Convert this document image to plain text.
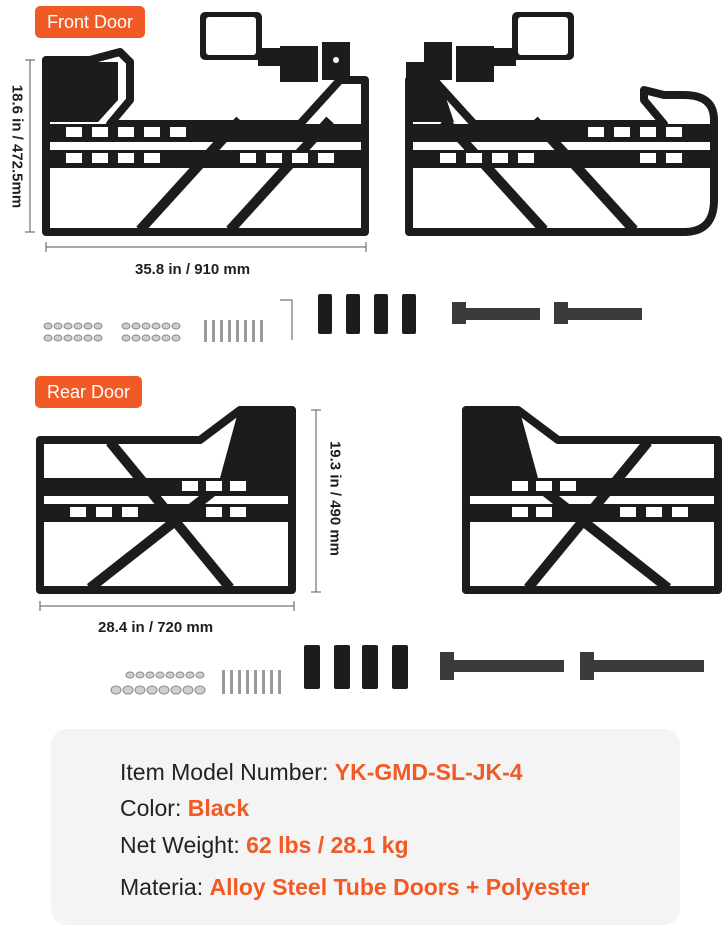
Front Door
Rear Door
35.8 in / 910 mm
18.6 in / 472.5mm
28.4 in / 720 mm
19.3 in / 490 mm
Item Model Number: YK-GMD-SL-JK-4
Color: Black
Net Weight: 62 lbs / 28.1 kg
Materia: Alloy Steel Tube Doors + Polyester
